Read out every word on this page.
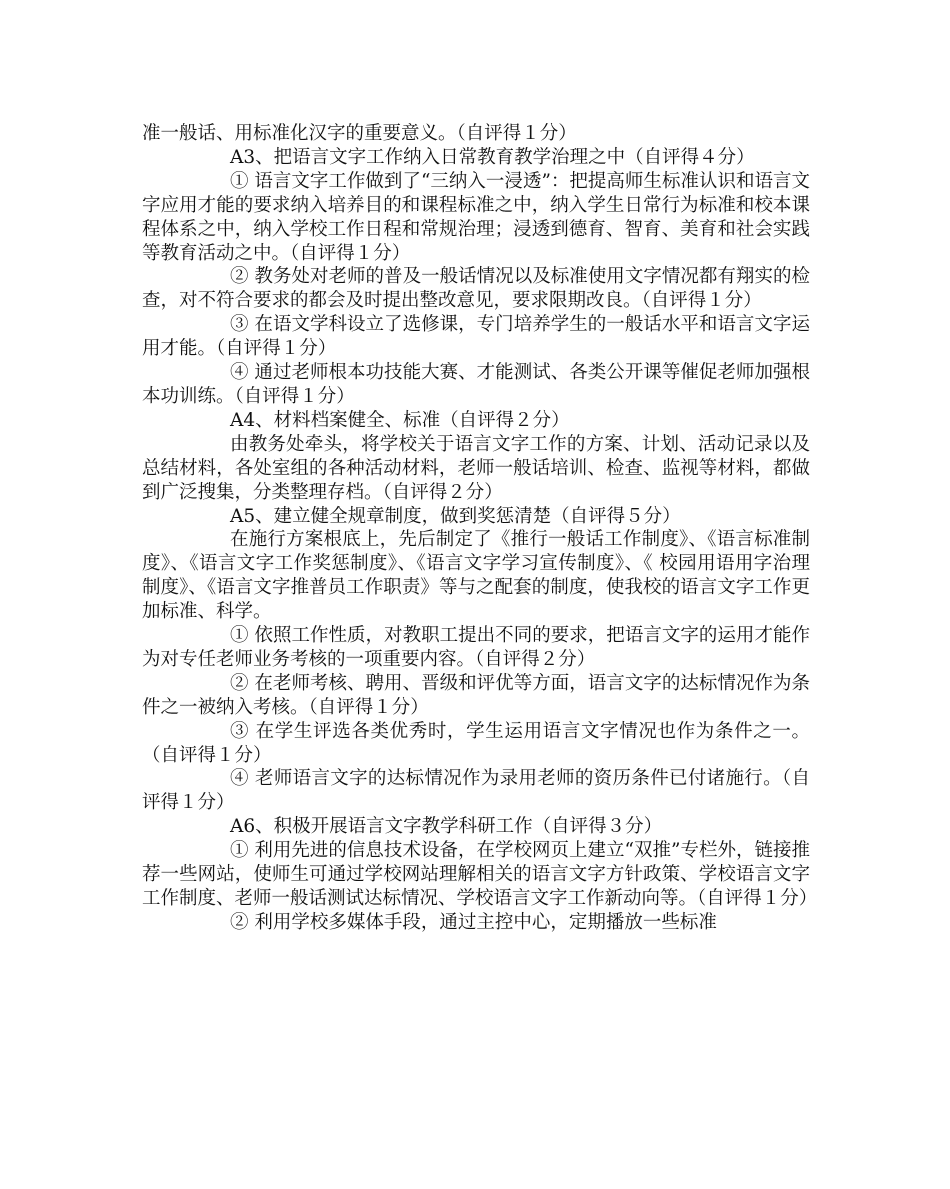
准一般话、用标准化汉字的重要意义。（自评得１分）

A3、把语言文字工作纳入日常教育教学治理之中（自评得４分）

① 语言文字工作做到了“三纳入一浸透”：把提高师生标准认识和语言文字应用才能的要求纳入培养目的和课程标准之中，纳入学生日常行为标准和校本课程体系之中，纳入学校工作日程和常规治理；浸透到德育、智育、美育和社会实践等教育活动之中。（自评得１分）

② 教务处对老师的普及一般话情况以及标准使用文字情况都有翔实的检查，对不符合要求的都会及时提出整改意见，要求限期改良。（自评得１分）

③ 在语文学科设立了选修课，专门培养学生的一般话水平和语言文字运用才能。（自评得１分）

④ 通过老师根本功技能大赛、才能测试、各类公开课等催促老师加强根本功训练。（自评得１分）

A4、材料档案健全、标准（自评得２分）

由教务处牵头，将学校关于语言文字工作的方案、计划、活动记录以及总结材料，各处室组的各种活动材料，老师一般话培训、检查、监视等材料，都做到广泛搜集，分类整理存档。（自评得２分）

A5、建立健全规章制度，做到奖惩清楚（自评得５分）

在施行方案根底上，先后制定了《推行一般话工作制度》、《语言标准制度》、《语言文字工作奖惩制度》、《语言文字学习宣传制度》、《 校园用语用字治理制度》、《语言文字推普员工作职责》等与之配套的制度，使我校的语言文字工作更加标准、科学。

① 依照工作性质，对教职工提出不同的要求，把语言文字的运用才能作为对专任老师业务考核的一项重要内容。（自评得２分）

② 在老师考核、聘用、晋级和评优等方面，语言文字的达标情况作为条件之一被纳入考核。（自评得１分）

③ 在学生评选各类优秀时，学生运用语言文字情况也作为条件之一。（自评得１分）

④ 老师语言文字的达标情况作为录用老师的资历条件已付诸施行。（自评得１分）

A6、积极开展语言文字教学科研工作（自评得３分）

① 利用先进的信息技术设备，在学校网页上建立“双推”专栏外，链接推荐一些网站，使师生可通过学校网站理解相关的语言文字方针政策、学校语言文字工作制度、老师一般话测试达标情况、学校语言文字工作新动向等。（自评得１分）

② 利用学校多媒体手段，通过主控中心，定期播放一些标准
